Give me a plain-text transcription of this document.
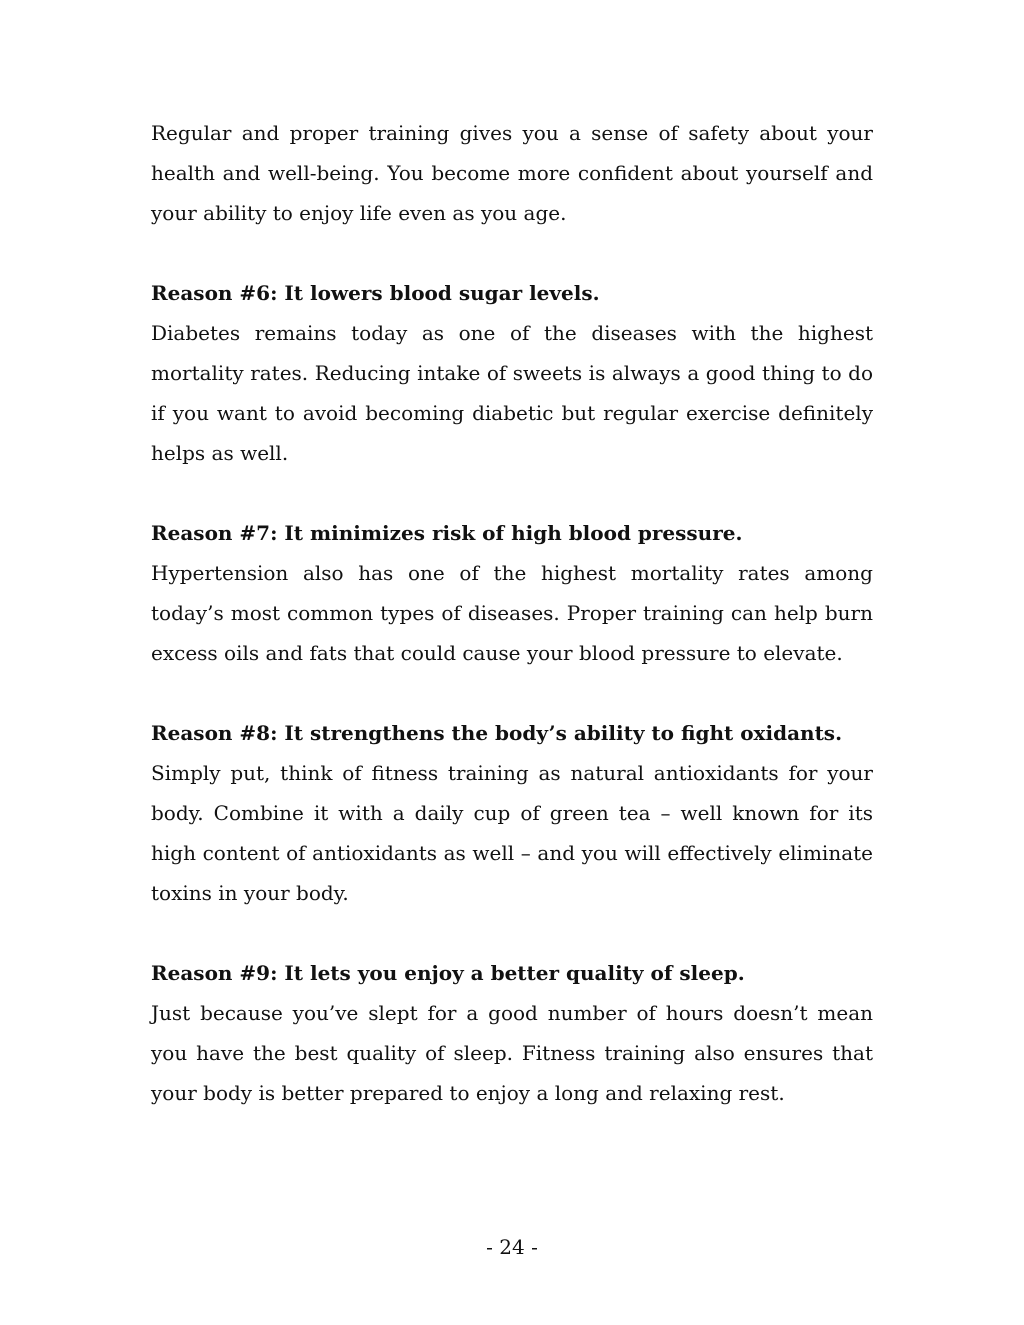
Regular and proper training gives you a sense of safety about your health and well-being. You become more confident about yourself and your ability to enjoy life even as you age.

Reason #6: It lowers blood sugar levels.

Diabetes remains today as one of the diseases with the highest mortality rates. Reducing intake of sweets is always a good thing to do if you want to avoid becoming diabetic but regular exercise definitely helps as well.

Reason #7: It minimizes risk of high blood pressure.

Hypertension also has one of the highest mortality rates among today’s most common types of diseases. Proper training can help burn excess oils and fats that could cause your blood pressure to elevate.

Reason #8: It strengthens the body’s ability to fight oxidants.

Simply put, think of fitness training as natural antioxidants for your body. Combine it with a daily cup of green tea – well known for its high content of antioxidants as well – and you will effectively eliminate toxins in your body.

Reason #9: It lets you enjoy a better quality of sleep.

Just because you’ve slept for a good number of hours doesn’t mean you have the best quality of sleep. Fitness training also ensures that your body is better prepared to enjoy a long and relaxing rest.

- 24 -
